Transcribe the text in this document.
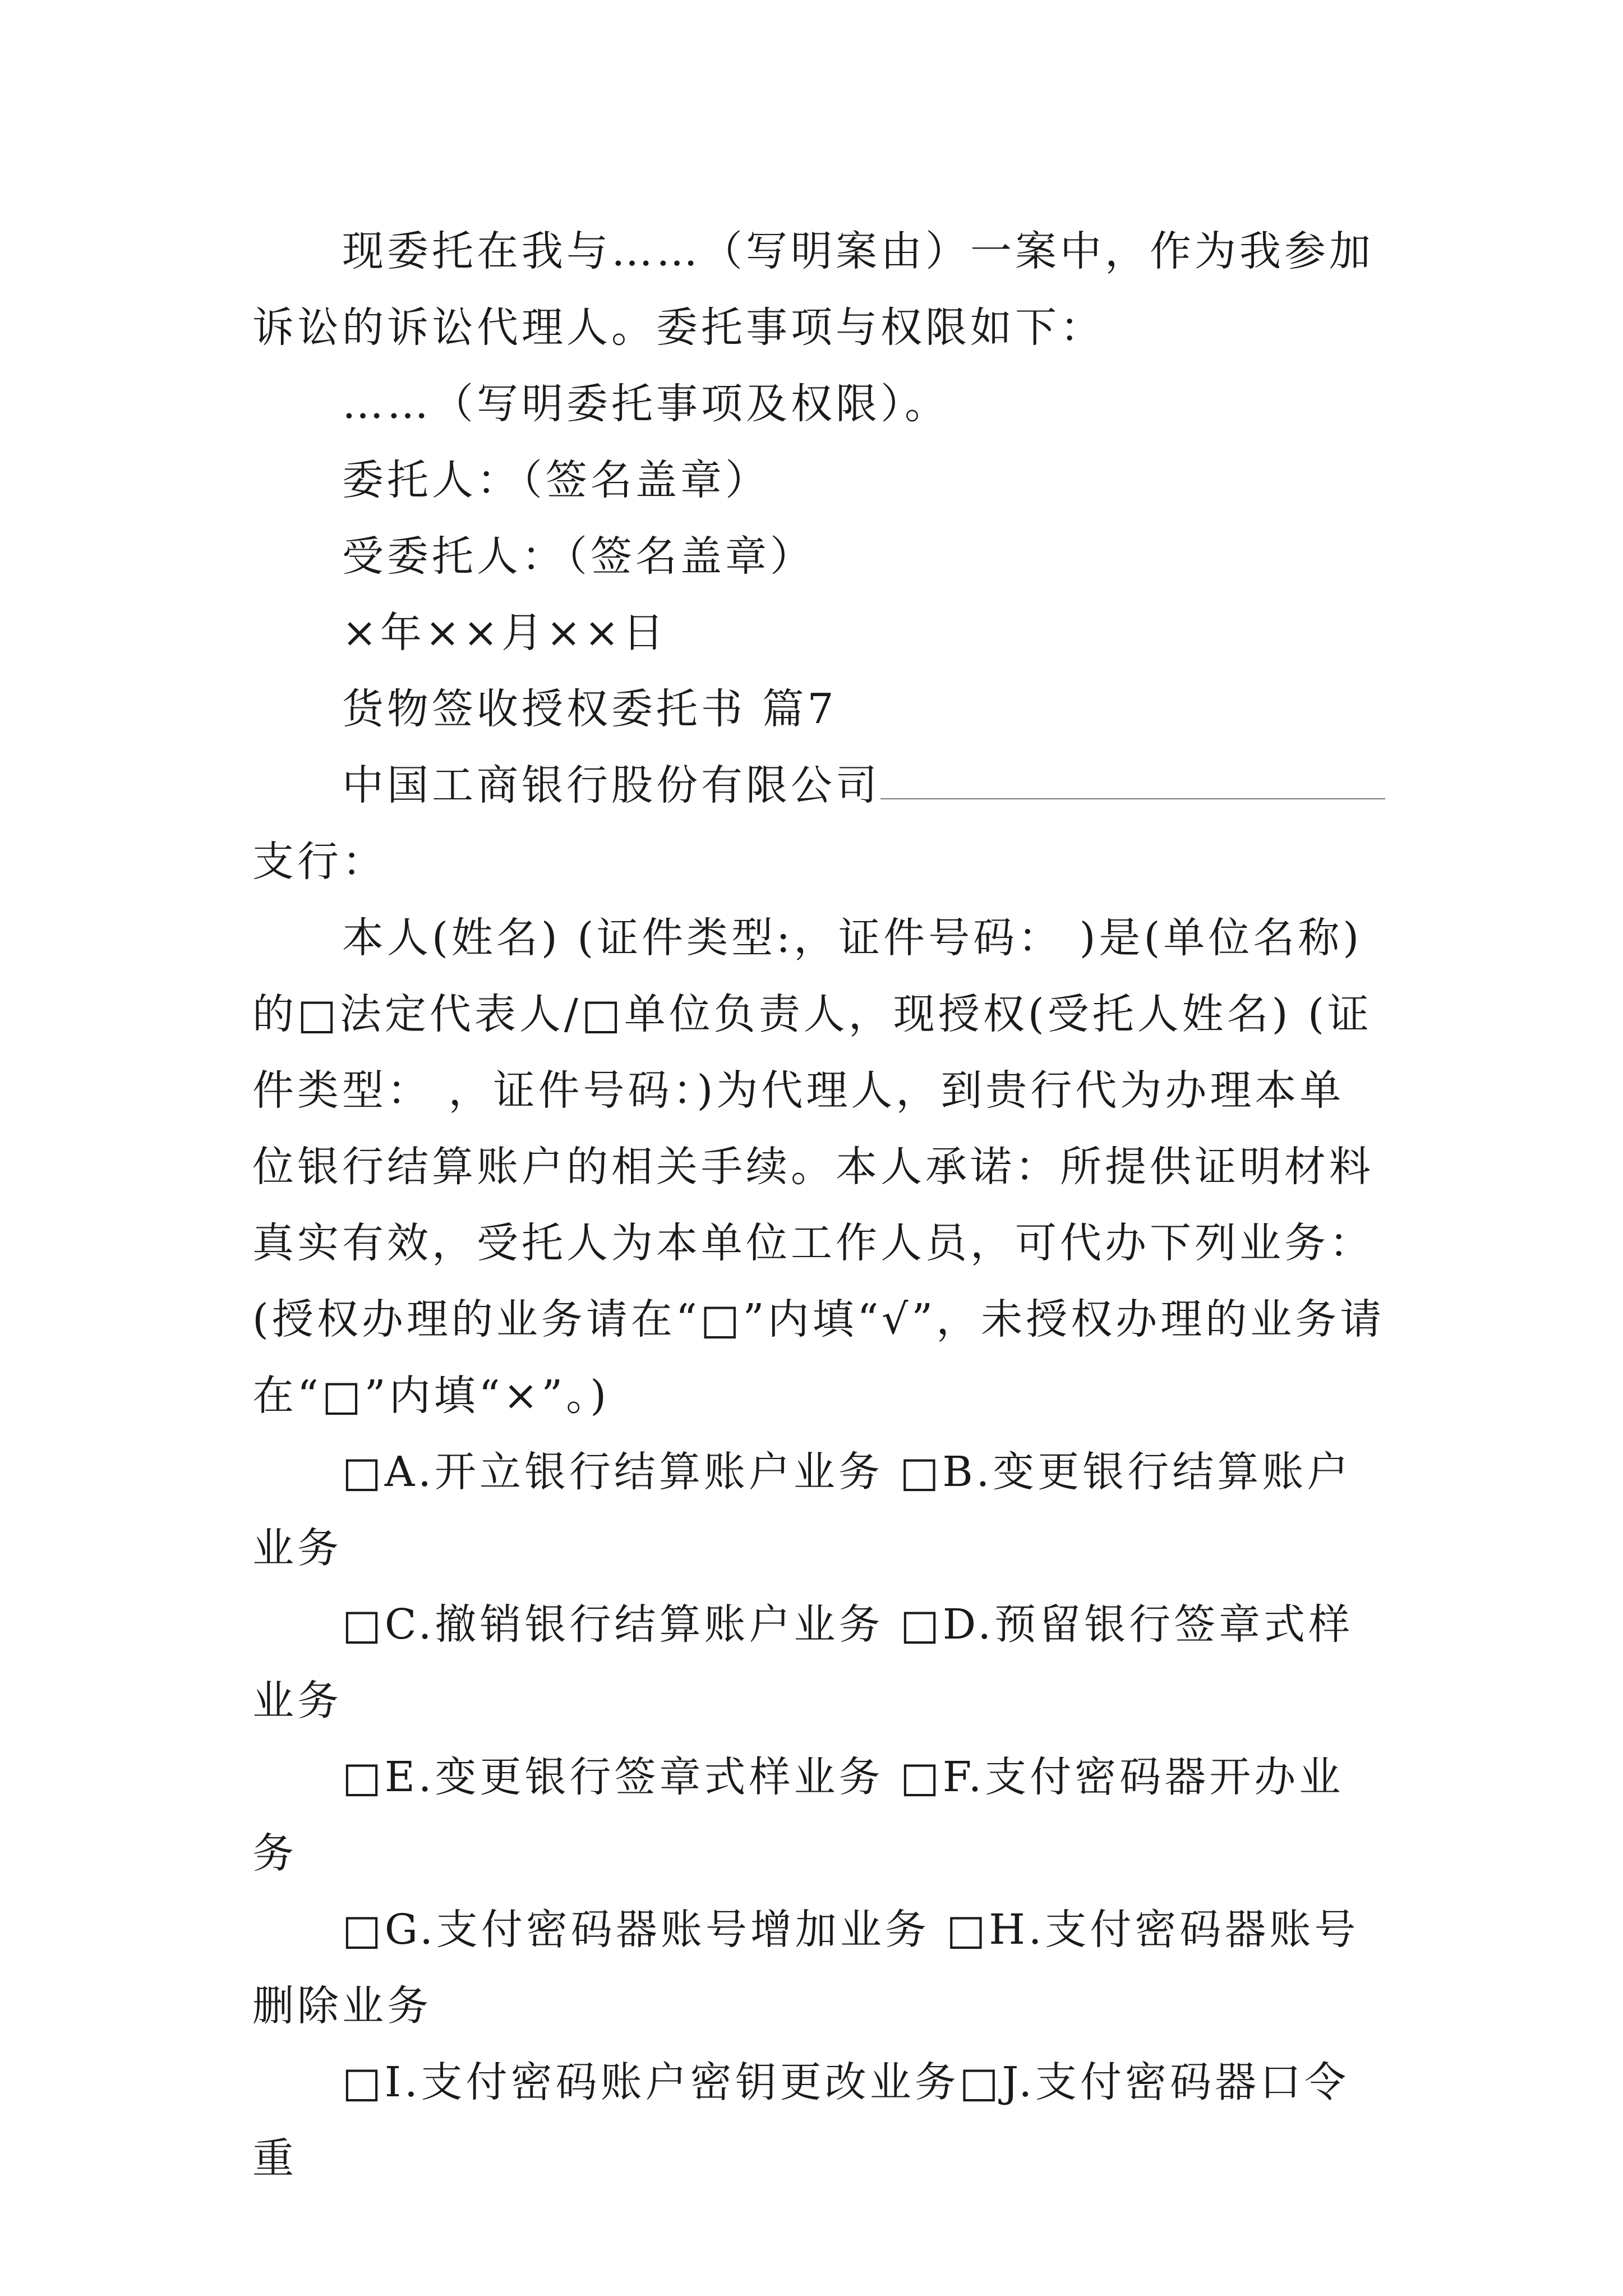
现委托在我与……（写明案由）一案中，作为我参加诉讼的诉讼代理人。委托事项与权限如下：

……（写明委托事项及权限）。

委托人：（签名盖章）

受委托人：（签名盖章）

×年××月××日

货物签收授权委托书 篇7

中国工商银行股份有限公司支行：

本人(姓名) (证件类型:，证件号码： )是(单位名称)的□法定代表人/□单位负责人，现授权(受托人姓名) (证件类型： ，证件号码：)为代理人，到贵行代为办理本单位银行结算账户的相关手续。本人承诺：所提供证明材料真实有效，受托人为本单位工作人员，可代办下列业务：(授权办理的业务请在“□”内填“√”，未授权办理的业务请在“□”内填“×”。)

□A.开立银行结算账户业务 □B.变更银行结算账户业务

□C.撤销银行结算账户业务 □D.预留银行签章式样业务

□E.变更银行签章式样业务 □F.支付密码器开办业务

□G.支付密码器账号增加业务 □H.支付密码器账号删除业务

□I.支付密码账户密钥更改业务□J.支付密码器口令重
